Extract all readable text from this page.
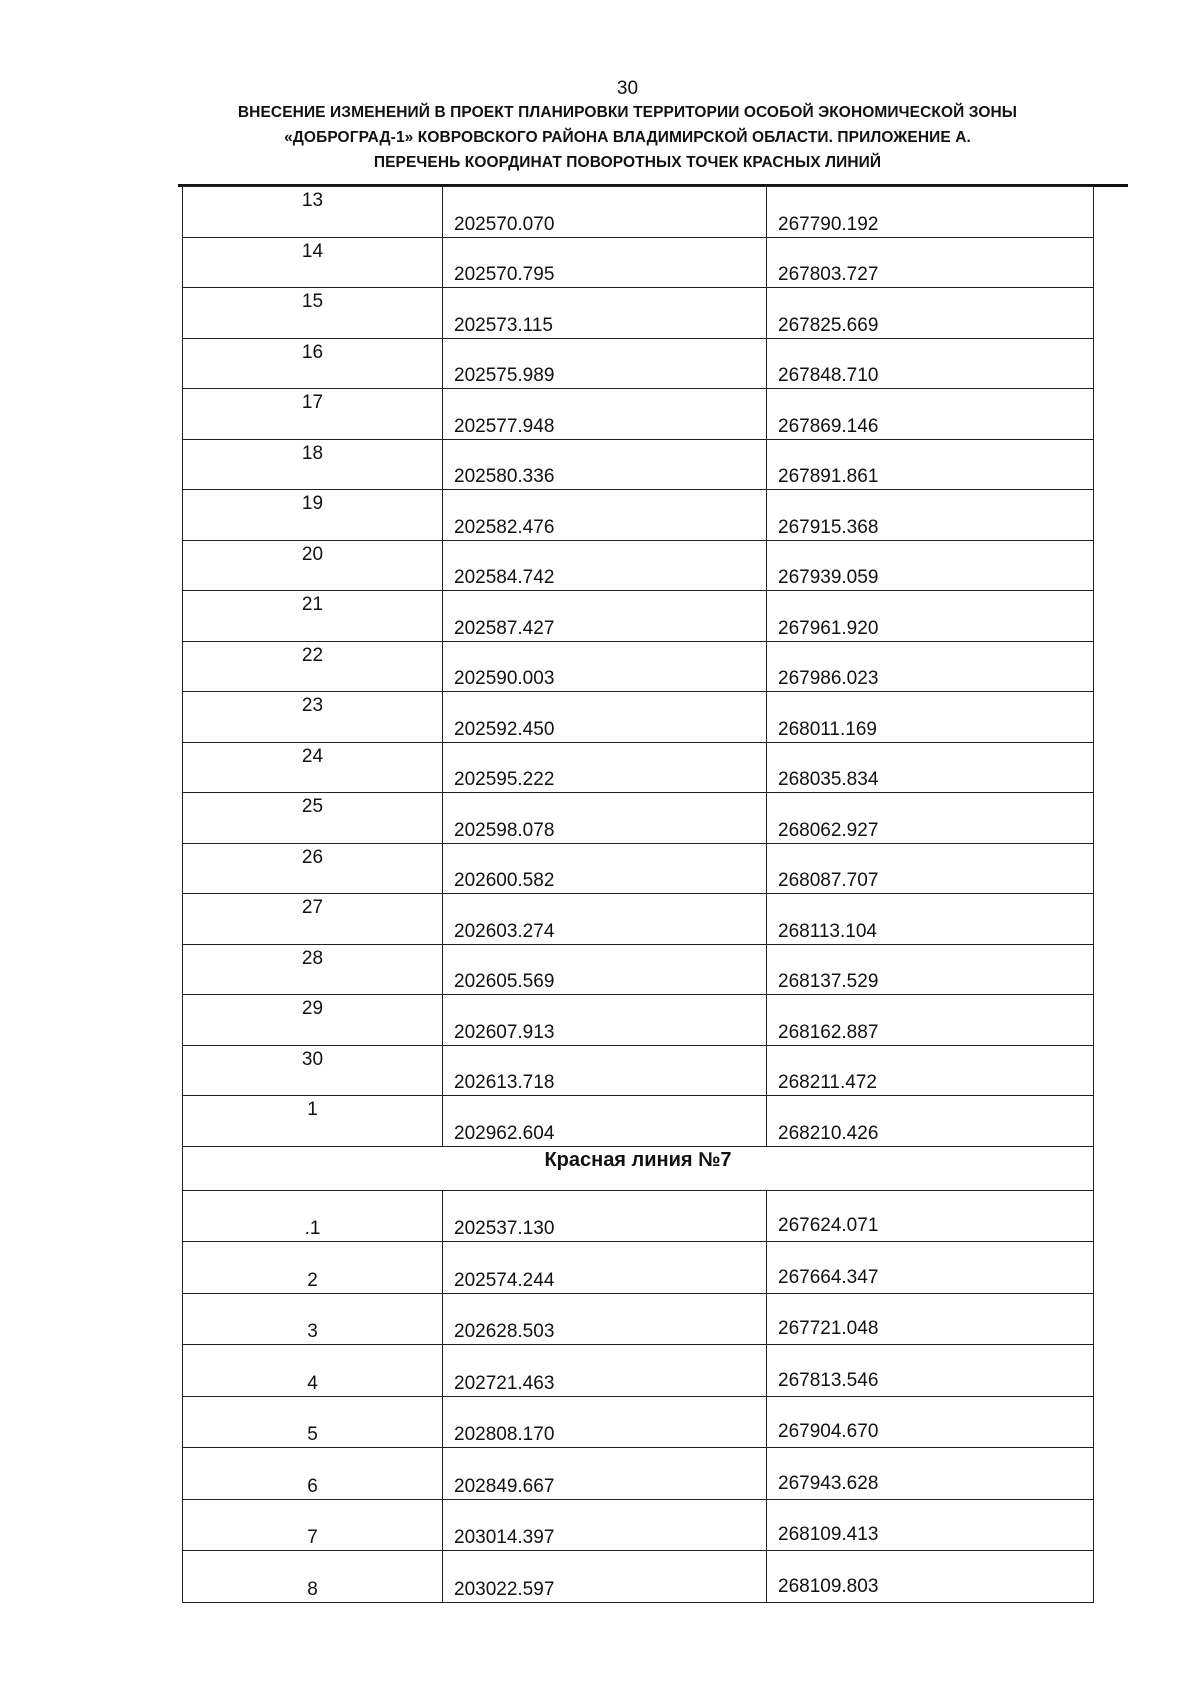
30
ВНЕСЕНИЕ ИЗМЕНЕНИЙ В ПРОЕКТ ПЛАНИРОВКИ ТЕРРИТОРИИ ОСОБОЙ ЭКОНОМИЧЕСКОЙ ЗОНЫ
«ДОБРОГРАД-1» КОВРОВСКОГО РАЙОНА ВЛАДИМИРСКОЙ ОБЛАСТИ. ПРИЛОЖЕНИЕ А.
ПЕРЕЧЕНЬ КООРДИНАТ ПОВОРОТНЫХ ТОЧЕК КРАСНЫХ ЛИНИЙ
13	202570.070	267790.192
14	202570.795	267803.727
15	202573.115	267825.669
16	202575.989	267848.710
17	202577.948	267869.146
18	202580.336	267891.861
19	202582.476	267915.368
20	202584.742	267939.059
21	202587.427	267961.920
22	202590.003	267986.023
23	202592.450	268011.169
24	202595.222	268035.834
25	202598.078	268062.927
26	202600.582	268087.707
27	202603.274	268113.104
28	202605.569	268137.529
29	202607.913	268162.887
30	202613.718	268211.472
1	202962.604	268210.426
Красная линия №7		
.1	202537.130	267624.071
2	202574.244	267664.347
3	202628.503	267721.048
4	202721.463	267813.546
5	202808.170	267904.670
6	202849.667	267943.628
7	203014.397	268109.413
8	203022.597	268109.803
